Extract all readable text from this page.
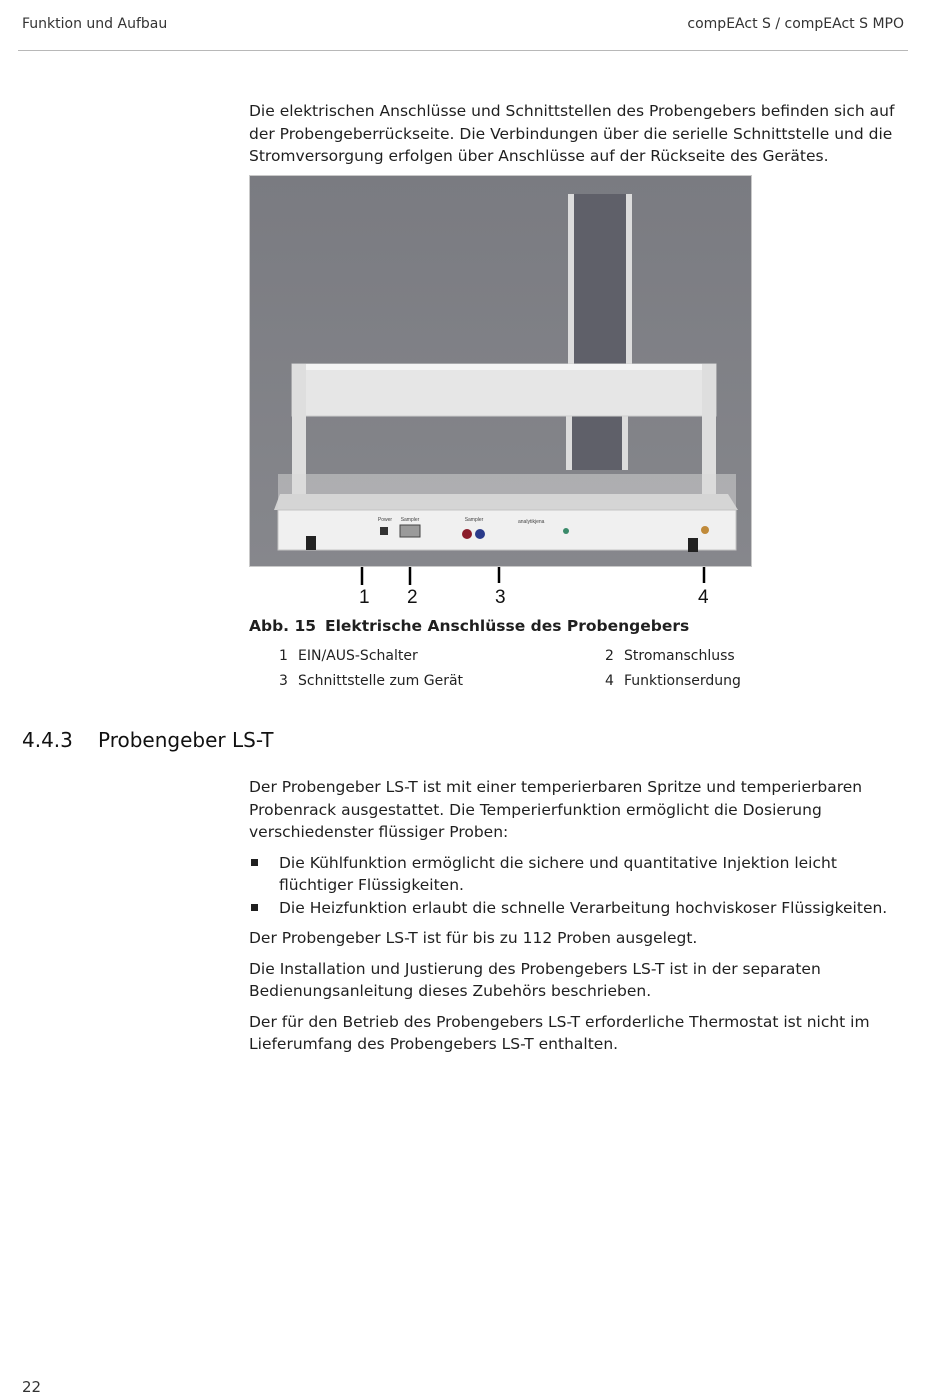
Funktion und Aufbau	compEAct S / compEAct S MPO

Die elektrischen Anschlüsse und Schnittstellen des Probengebers befinden sich auf der Probengeberrückseite. Die Verbindungen über die serielle Schnittstelle und die Stromversorgung erfolgen über Anschlüsse auf der Rückseite des Gerätes.

Power Sampler	Sampler	analytikjena
1 2	3	4

Abb. 15 Elektrische Anschlüsse des Probengebers

1 EIN/AUS-Schalter	2 Stromanschluss
3 Schnittstelle zum Gerät	4 Funktionserdung
4.4.3 Probengeber LS-T

Der Probengeber LS-T ist mit einer temperierbaren Spritze und temperierbaren Probenrack ausgestattet. Die Temperierfunktion ermöglicht die Dosierung verschiedenster flüssiger Proben:

Die Kühlfunktion ermöglicht die sichere und quantitative Injektion leicht flüchtiger Flüssigkeiten.
Die Heizfunktion erlaubt die schnelle Verarbeitung hochviskoser Flüssigkeiten.

Der Probengeber LS-T ist für bis zu 112 Proben ausgelegt.

Die Installation und Justierung des Probengebers LS-T ist in der separaten Bedienungsanleitung dieses Zubehörs beschrieben.

Der für den Betrieb des Probengebers LS-T erforderliche Thermostat ist nicht im Lieferumfang des Probengebers LS-T enthalten.

22
